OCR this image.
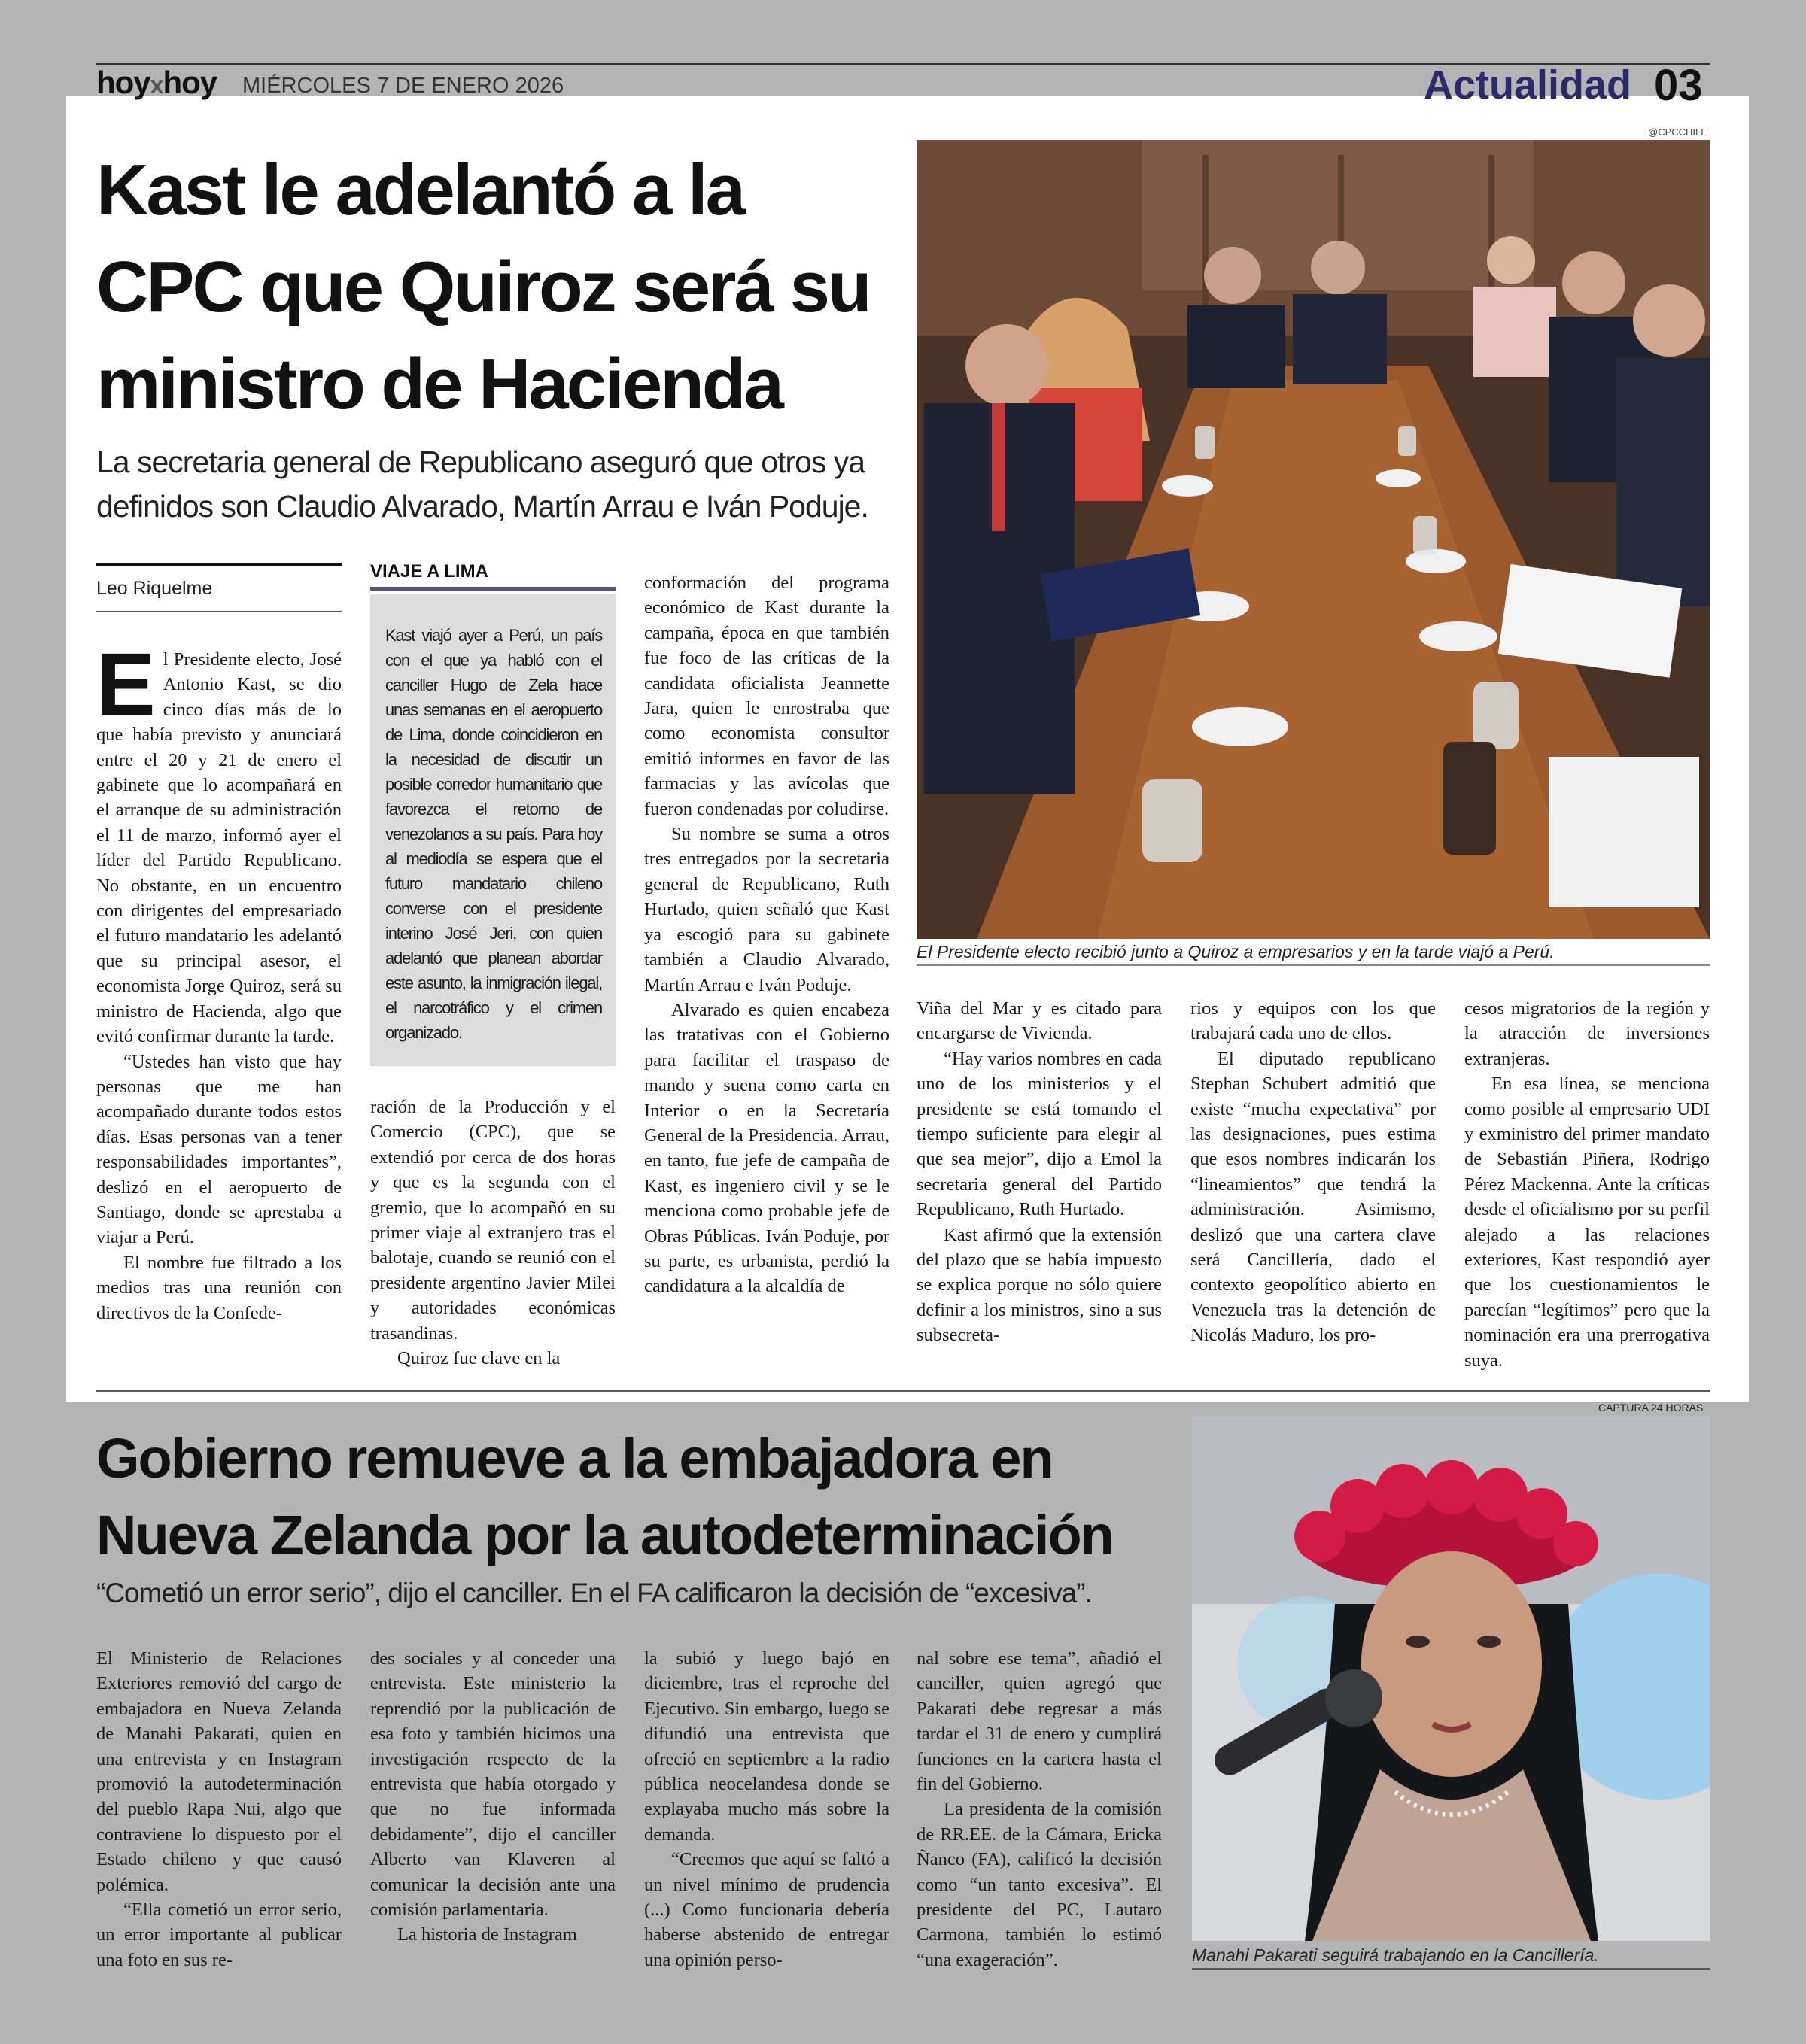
hoyxhoy MIÉRCOLES 7 DE ENERO 2026	Actualidad 03
Kast le adelantó a la CPC que Quiroz será su ministro de Hacienda
La secretaria general de Republicano aseguró que otros ya definidos son Claudio Alvarado, Martín Arrau e Iván Poduje.
Leo Riquelme

El Presidente electo, José Antonio Kast, se dio cinco días más de lo que había previsto y anunciará entre el 20 y 21 de enero el gabinete que lo acompañará en el arranque de su administración el 11 de marzo, informó ayer el líder del Partido Republicano. No obstante, en un encuentro con dirigentes del empresariado el futuro mandatario les adelantó que su principal asesor, el economista Jorge Quiroz, será su ministro de Hacienda, algo que evitó confirmar durante la tarde.

“Ustedes han visto que hay personas que me han acompañado durante todos estos días. Esas personas van a tener responsabilidades importantes”, deslizó en el aeropuerto de Santiago, donde se aprestaba a viajar a Perú.

El nombre fue filtrado a los medios tras una reunión con directivos de la Confede-

VIAJE A LIMA
Kast viajó ayer a Perú, un país con el que ya habló con el canciller Hugo de Zela hace unas semanas en el aeropuerto de Lima, donde coincidieron en la necesidad de discutir un posible corredor humanitario que favorezca el retorno de venezolanos a su país. Para hoy al mediodía se espera que el futuro mandatario chileno converse con el presidente interino José Jeri, con quien adelantó que planean abordar este asunto, la inmigración ilegal, el narcotráfico y el crimen organizado.

ración de la Producción y el Comercio (CPC), que se extendió por cerca de dos horas y que es la segunda con el gremio, que lo acompañó en su primer viaje al extranjero tras el balotaje, cuando se reunió con el presidente argentino Javier Milei y autoridades económicas trasandinas.

Quiroz fue clave en la

conformación del programa económico de Kast durante la campaña, época en que también fue foco de las críticas de la candidata oficialista Jeannette Jara, quien le enrostraba que como economista consultor emitió informes en favor de las farmacias y las avícolas que fueron condenadas por coludirse.

Su nombre se suma a otros tres entregados por la secretaria general de Republicano, Ruth Hurtado, quien señaló que Kast ya escogió para su gabinete también a Claudio Alvarado, Martín Arrau e Iván Poduje.

Alvarado es quien encabeza las tratativas con el Gobierno para facilitar el traspaso de mando y suena como carta en Interior o en la Secretaría General de la Presidencia. Arrau, en tanto, fue jefe de campaña de Kast, es ingeniero civil y se le menciona como probable jefe de Obras Públicas. Iván Poduje, por su parte, es urbanista, perdió la candidatura a la alcaldía de

Viña del Mar y es citado para encargarse de Vivienda.

“Hay varios nombres en cada uno de los ministerios y el presidente se está tomando el tiempo suficiente para elegir al que sea mejor”, dijo a Emol la secretaria general del Partido Republicano, Ruth Hurtado.

Kast afirmó que la extensión del plazo que se había impuesto se explica porque no sólo quiere definir a los ministros, sino a sus subsecreta-

rios y equipos con los que trabajará cada uno de ellos.

El diputado republicano Stephan Schubert admitió que existe “mucha expectativa” por las designaciones, pues estima que esos nombres indicarán los “lineamientos” que tendrá la administración. Asimismo, deslizó que una cartera clave será Cancillería, dado el contexto geopolítico abierto en Venezuela tras la detención de Nicolás Maduro, los pro-

cesos migratorios de la región y la atracción de inversiones extranjeras.

En esa línea, se menciona como posible al empresario UDI y exministro del primer mandato de Sebastián Piñera, Rodrigo Pérez Mackenna. Ante la críticas desde el oficialismo por su perfil alejado a las relaciones exteriores, Kast respondió ayer que los cuestionamientos le parecían “legítimos” pero que la nominación era una prerrogativa suya.

@CPCCHILE
El Presidente electo recibió junto a Quiroz a empresarios y en la tarde viajó a Perú.
Gobierno remueve a la embajadora en Nueva Zelanda por la autodeterminación
“Cometió un error serio”, dijo el canciller. En el FA calificaron la decisión de “excesiva”.

El Ministerio de Relaciones Exteriores removió del cargo de embajadora en Nueva Zelanda de Manahi Pakarati, quien en una entrevista y en Instagram promovió la autodeterminación del pueblo Rapa Nui, algo que contraviene lo dispuesto por el Estado chileno y que causó polémica.

“Ella cometió un error serio, un error importante al publicar una foto en sus re-

des sociales y al conceder una entrevista. Este ministerio la reprendió por la publicación de esa foto y también hicimos una investigación respecto de la entrevista que había otorgado y que no fue informada debidamente”, dijo el canciller Alberto van Klaveren al comunicar la decisión ante una comisión parlamentaria.

La historia de Instagram

la subió y luego bajó en diciembre, tras el reproche del Ejecutivo. Sin embargo, luego se difundió una entrevista que ofreció en septiembre a la radio pública neocelandesa donde se explayaba mucho más sobre la demanda.

“Creemos que aquí se faltó a un nivel mínimo de prudencia (...) Como funcionaria debería haberse abstenido de entregar una opinión perso-

nal sobre ese tema”, añadió el canciller, quien agregó que Pakarati debe regresar a más tardar el 31 de enero y cumplirá funciones en la cartera hasta el fin del Gobierno.

La presidenta de la comisión de RR.EE. de la Cámara, Ericka Ñanco (FA), calificó la decisión como “un tanto excesiva”. El presidente del PC, Lautaro Carmona, también lo estimó “una exageración”.

CAPTURA 24 HORAS
Manahi Pakarati seguirá trabajando en la Cancillería.
